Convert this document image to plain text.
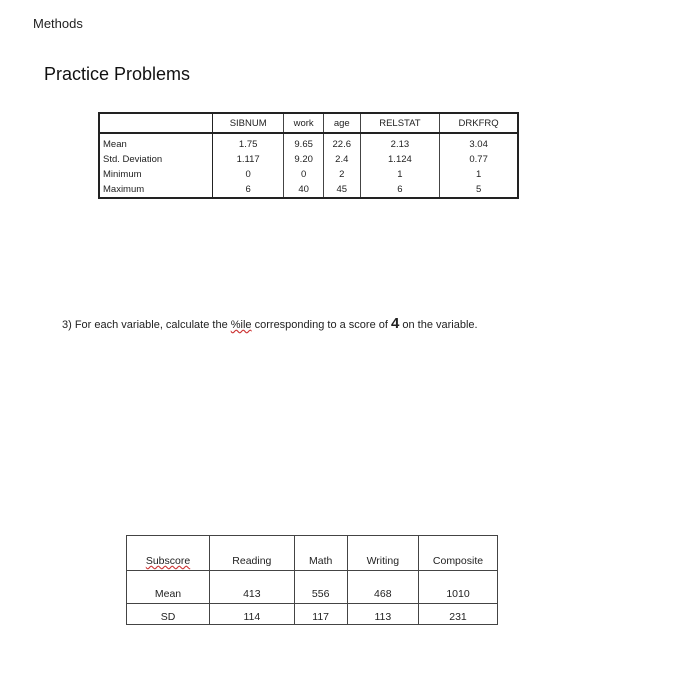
Methods
Practice Problems
	SIBNUM	work	age	RELSTAT	DRKFRQ
Mean	1.75	9.65	22.6	2.13	3.04
Std. Deviation	1.117	9.20	2.4	1.124	0.77
Minimum	0	0	2	1	1
Maximum	6	40	45	6	5
3) For each variable, calculate the %ile corresponding to a score of 4 on the variable.
Subscore	Reading	Math	Writing	Composite
Mean	413	556	468	1010
SD	114	117	113	231
